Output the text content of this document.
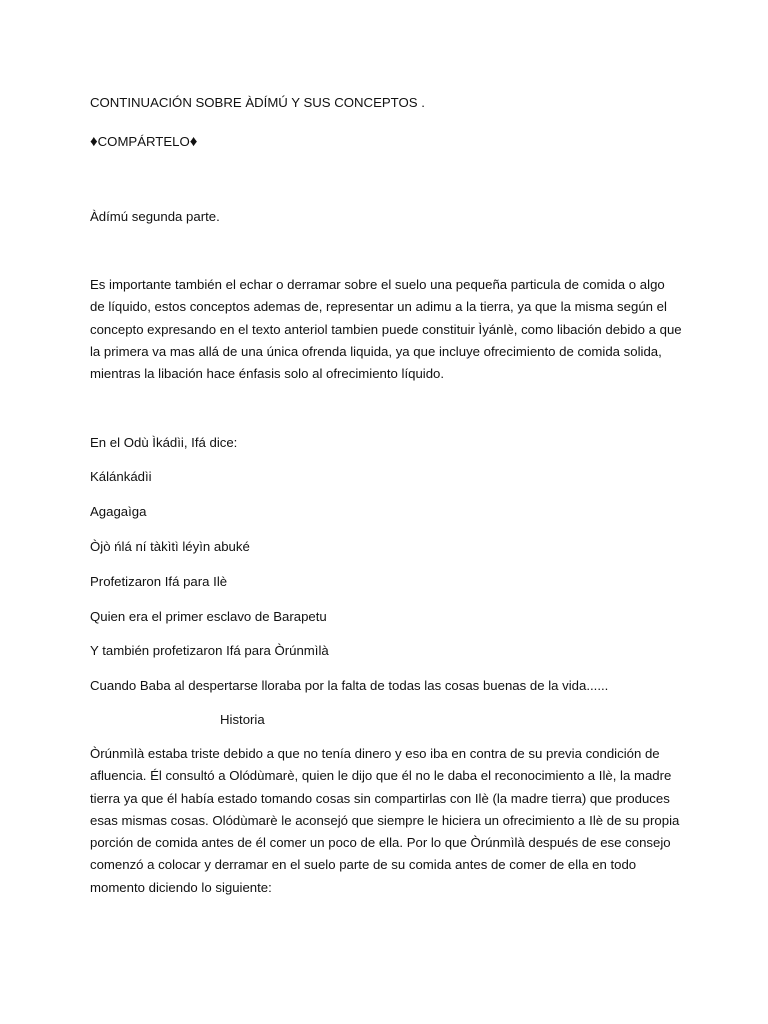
CONTINUACIÓN SOBRE ÀDÍMÚ Y SUS CONCEPTOS .
♦COMPÁRTELO♦
Àdímú segunda parte.
Es importante también el echar o derramar sobre el suelo una pequeña particula de comida o algo de líquido, estos conceptos ademas de, representar un adimu a la tierra, ya que la misma según el concepto expresando en el texto anteriol tambien puede constituir Ìyánlè, como libación debido a que la primera va mas allá de una única ofrenda liquida, ya que incluye ofrecimiento de comida solida, mientras la libación hace énfasis solo al ofrecimiento líquido.
En el Odù Ìkádìi, Ifá dice:
Kálánkádìi
Agagaìga
Òjò ńlá ní tàkìtì léyìn abuké
Profetizaron Ifá para Ilè
Quien era el primer esclavo de Barapetu
Y también profetizaron Ifá para Òrúnmìlà
Cuando Baba al despertarse lloraba por la falta de todas las cosas buenas de la vida......
Historia
Òrúnmìlà estaba triste debido a que no tenía dinero y eso iba en contra de su previa condición de afluencia. Él consultó a Olódùmarè, quien le dijo que él no le daba el reconocimiento a Ilè, la madre tierra ya que él había estado tomando cosas sin compartirlas con Ilè (la madre tierra) que produces esas mismas cosas. Olódùmarè le aconsejó que siempre le hiciera un ofrecimiento a Ilè de su propia porción de comida antes de él comer un poco de ella. Por lo que Òrúnmìlà después de ese consejo comenzó a colocar y derramar en el suelo parte de su comida antes de comer de ella en todo momento diciendo lo siguiente:
